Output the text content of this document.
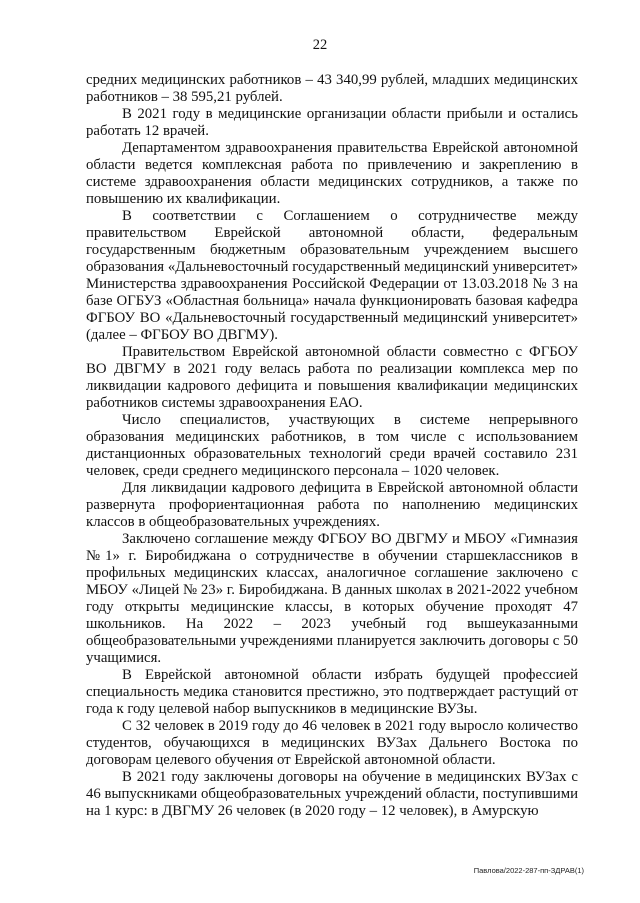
22

средних медицинских работников – 43 340,99 рублей, младших медицинских работников – 38 595,21 рублей.

В 2021 году в медицинские организации области прибыли и остались работать 12 врачей.

Департаментом здравоохранения правительства Еврейской автономной области ведется комплексная работа по привлечению и закреплению в системе здравоохранения области медицинских сотрудников, а также по повышению их квалификации.

В соответствии с Соглашением о сотрудничестве между правительством Еврейской автономной области, федеральным государственным бюджетным образовательным учреждением высшего образования «Дальневосточный государственный медицинский университет» Министерства здравоохранения Российской Федерации от 13.03.2018 № 3 на базе ОГБУЗ «Областная больница» начала функционировать базовая кафедра ФГБОУ ВО «Дальневосточный государственный медицинский университет» (далее – ФГБОУ ВО ДВГМУ).

Правительством Еврейской автономной области совместно с ФГБОУ ВО ДВГМУ в 2021 году велась работа по реализации комплекса мер по ликвидации кадрового дефицита и повышения квалификации медицинских работников системы здравоохранения ЕАО.

Число специалистов, участвующих в системе непрерывного образования медицинских работников, в том числе с использованием дистанционных образовательных технологий среди врачей составило 231 человек, среди среднего медицинского персонала – 1020 человек.

Для ликвидации кадрового дефицита в Еврейской автономной области развернута профориентационная работа по наполнению медицинских классов в общеобразовательных учреждениях.

Заключено соглашение между ФГБОУ ВО ДВГМУ и МБОУ «Гимназия №1» г. Биробиджана о сотрудничестве в обучении старшеклассников в профильных медицинских классах, аналогичное соглашение заключено с МБОУ «Лицей № 23» г. Биробиджана. В данных школах в 2021-2022 учебном году открыты медицинские классы, в которых обучение проходят 47 школьников. На 2022 – 2023 учебный год вышеуказанными общеобразовательными учреждениями планируется заключить договоры с 50 учащимися.

В Еврейской автономной области избрать будущей профессией специальность медика становится престижно, это подтверждает растущий от года к году целевой набор выпускников в медицинские ВУЗы.

С 32 человек в 2019 году до 46 человек в 2021 году выросло количество студентов, обучающихся в медицинских ВУЗах Дальнего Востока по договорам целевого обучения от Еврейской автономной области.

В 2021 году заключены договоры на обучение в медицинских ВУЗах с 46 выпускниками общеобразовательных учреждений области, поступившими на 1 курс: в ДВГМУ 26 человек (в 2020 году – 12 человек), в Амурскую

Павлова/2022-287-пп-ЗДРАВ(1)
